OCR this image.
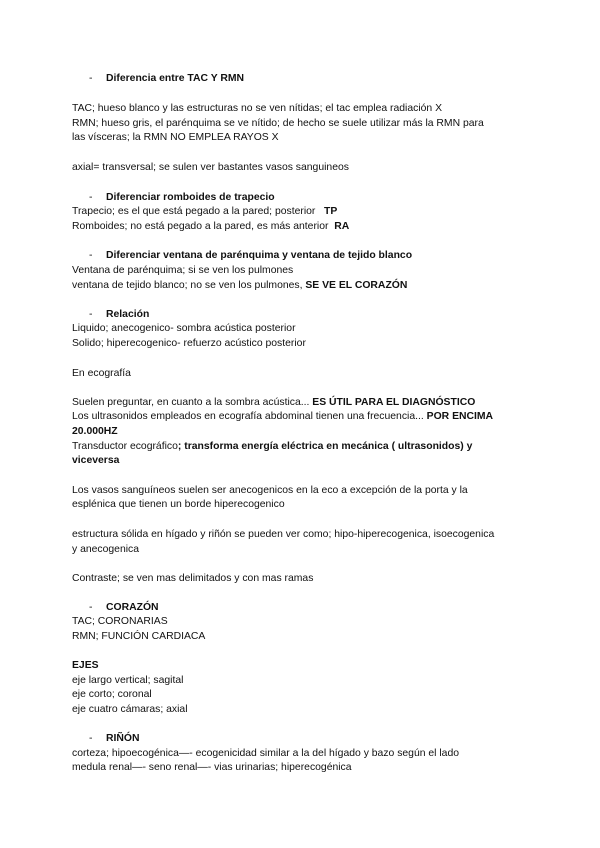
- Diferencia entre TAC Y RMN
TAC; hueso blanco y las estructuras no se ven nítidas; el tac emplea radiación X
RMN; hueso gris, el parénquima se ve nítido; de hecho se suele utilizar más la RMN para
las vísceras; la RMN NO EMPLEA RAYOS X
axial= transversal; se sulen ver bastantes vasos sanguineos
- Diferenciar romboides de trapecio
Trapecio; es el que está pegado a la pared; posterior TP
Romboides; no está pegado a la pared, es más anterior RA
- Diferenciar ventana de parénquima y ventana de tejido blanco
Ventana de parénquima; si se ven los pulmones
ventana de tejido blanco; no se ven los pulmones, SE VE EL CORAZÓN
- Relación
Liquido; anecogenico- sombra acústica posterior
Solido; hiperecogenico- refuerzo acústico posterior
En ecografía
Suelen preguntar, en cuanto a la sombra acústica... ES ÚTIL PARA EL DIAGNÓSTICO
Los ultrasonidos empleados en ecografía abdominal tienen una frecuencia... POR ENCIMA
20.000HZ
Transductor ecográfico; transforma energía eléctrica en mecánica ( ultrasonidos) y
viceversa
Los vasos sanguíneos suelen ser anecogenicos en la eco a excepción de la porta y la
esplénica que tienen un borde hiperecogenico
estructura sólida en hígado y riñón se pueden ver como; hipo-hiperecogenica, isoecogenica
y anecogenica
Contraste; se ven mas delimitados y con mas ramas
- CORAZÓN
TAC; CORONARIAS
RMN; FUNCIÓN CARDIACA
EJES
eje largo vertical; sagital
eje corto; coronal
eje cuatro cámaras; axial
- RIÑÓN
corteza; hipoecogénica—- ecogenicidad similar a la del hígado y bazo según el lado
medula renal—- seno renal—- vias urinarias; hiperecogénica
